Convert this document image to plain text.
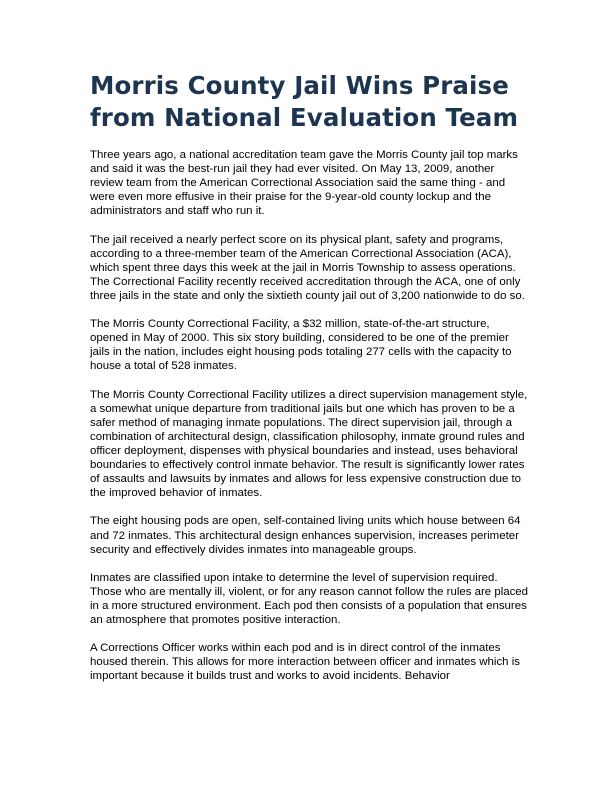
Morris County Jail Wins Praise from National Evaluation Team

Three years ago, a national accreditation team gave the Morris County jail top marks and said it was the best-run jail they had ever visited. On May 13, 2009, another review team from the American Correctional Association said the same thing - and were even more effusive in their praise for the 9-year-old county lockup and the administrators and staff who run it.

The jail received a nearly perfect score on its physical plant, safety and programs, according to a three-member team of the American Correctional Association (ACA), which spent three days this week at the jail in Morris Township to assess operations. The Correctional Facility recently received accreditation through the ACA, one of only three jails in the state and only the sixtieth county jail out of 3,200 nationwide to do so.

The Morris County Correctional Facility, a $32 million, state-of-the-art structure, opened in May of 2000. This six story building, considered to be one of the premier jails in the nation, includes eight housing pods totaling 277 cells with the capacity to house a total of 528 inmates.

The Morris County Correctional Facility utilizes a direct supervision management style, a somewhat unique departure from traditional jails but one which has proven to be a safer method of managing inmate populations. The direct supervision jail, through a combination of architectural design, classification philosophy, inmate ground rules and officer deployment, dispenses with physical boundaries and instead, uses behavioral boundaries to effectively control inmate behavior. The result is significantly lower rates of assaults and lawsuits by inmates and allows for less expensive construction due to the improved behavior of inmates.

The eight housing pods are open, self-contained living units which house between 64 and 72 inmates. This architectural design enhances supervision, increases perimeter security and effectively divides inmates into manageable groups.

Inmates are classified upon intake to determine the level of supervision required. Those who are mentally ill, violent, or for any reason cannot follow the rules are placed in a more structured environment. Each pod then consists of a population that ensures an atmosphere that promotes positive interaction.

A Corrections Officer works within each pod and is in direct control of the inmates housed therein. This allows for more interaction between officer and inmates which is important because it builds trust and works to avoid incidents. Behavior
